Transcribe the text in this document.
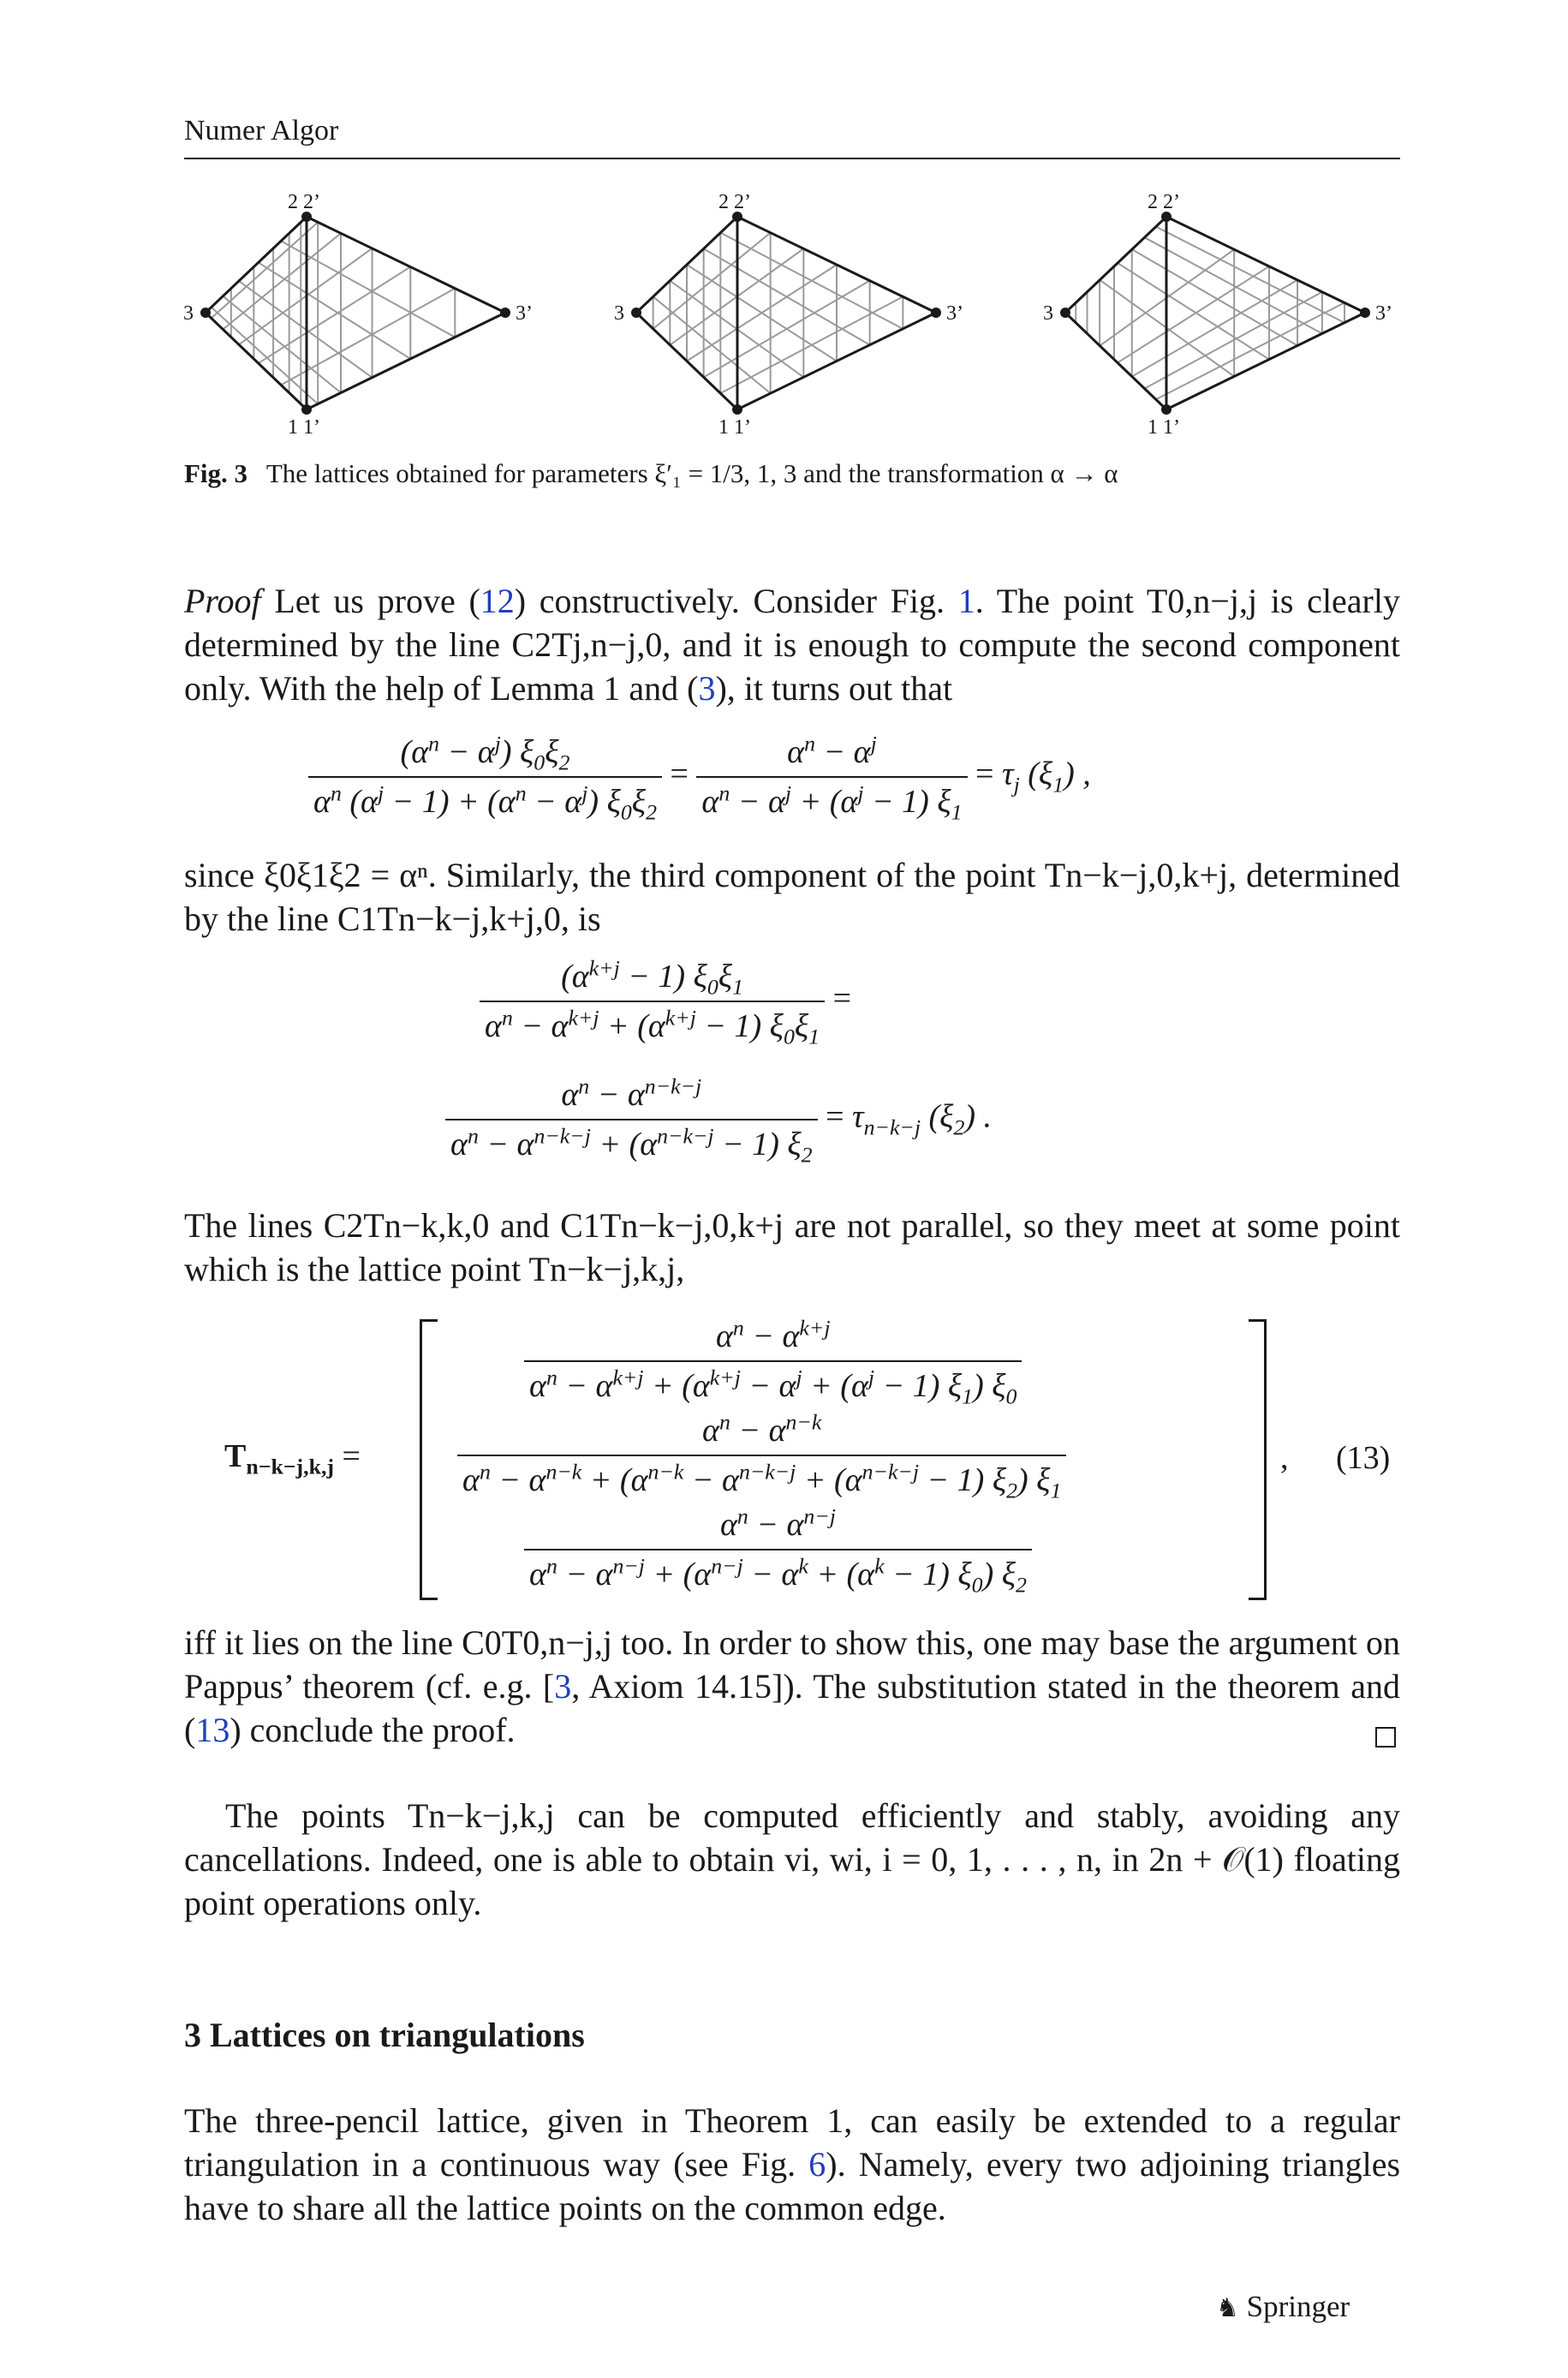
Numer Algor
2 2’
3	3’
1 1’
2 2’
3	3’
1 1’
2 2’
3	3’
1 1’
Fig. 3 The lattices obtained for parameters ξ′₁ = 1/3, 1, 3 and the transformation α → α
Proof Let us prove (12) constructively. Consider Fig. 1. The point T0,n−j,j is clearly determined by the line C2Tj,n−j,0, and it is enough to compute the second component only. With the help of Lemma 1 and (3), it turns out that
$\frac{(\alpha^n - \alpha^j) \xi_0\xi_2}{\alpha^n (\alpha^j - 1) + (\alpha^n - \alpha^j) \xi_0\xi_2} = \frac{\alpha^n - \alpha^j}{\alpha^n - \alpha^j + (\alpha^j - 1) \xi_1} = \tau_j$ $(\xi_1)$ ,
since ξ0ξ1ξ2 = αⁿ. Similarly, the third component of the point Tn−k−j,0,k+j, determined by the line C1Tn−k−j,k+j,0, is
$\frac{(\alpha^{k+j} - 1) \xi_0\xi_1}{\alpha^n - \alpha^{k+j} + (\alpha^{k+j} - 1) \xi_0\xi_1}$ =
$\frac{\alpha^n - \alpha^{n-k-j}}{\alpha^n - \alpha^{n-k-j} + (\alpha^{n-k-j} - 1) \xi_2} = \tau_{n-k-j}$ $(\xi_2)$ .
The lines C2Tn−k,k,0 and C1Tn−k−j,0,k+j are not parallel, so they meet at some point which is the lattice point Tn−k−j,k,j,
$T_{n-k-j,k,j}$ =
$\frac{\alpha^n - \alpha^{k+j}}{\alpha^n - \alpha^{k+j} + (\alpha^{k+j} - \alpha^j + (\alpha^j - 1) \xi_1) \xi_0}$
$\frac{\alpha^n - \alpha^{n-k}}{\alpha^n - \alpha^{n-k} + (\alpha^{n-k} - \alpha^{n-k-j} + (\alpha^{n-k-j} - 1) \xi_2) \xi_1}$
$\frac{\alpha^n - \alpha^{n-j}}{\alpha^n - \alpha^{n-j} + (\alpha^{n-j} - \alpha^k + (\alpha^k - 1) \xi_0) \xi_2}$
, (13)
iff it lies on the line C0T0,n−j,j too. In order to show this, one may base the argument on Pappus’ theorem (cf. e.g. [3, Axiom 14.15]). The substitution stated in the theorem and (13) conclude the proof.
The points Tn−k−j,k,j can be computed efficiently and stably, avoiding any cancellations. Indeed, one is able to obtain vi, wi, i = 0, 1, . . . , n, in 2n + 𝒪(1) floating point operations only.
3 Lattices on triangulations
The three-pencil lattice, given in Theorem 1, can easily be extended to a regular triangulation in a continuous way (see Fig. 6). Namely, every two adjoining triangles have to share all the lattice points on the common edge.
♞ Springer
